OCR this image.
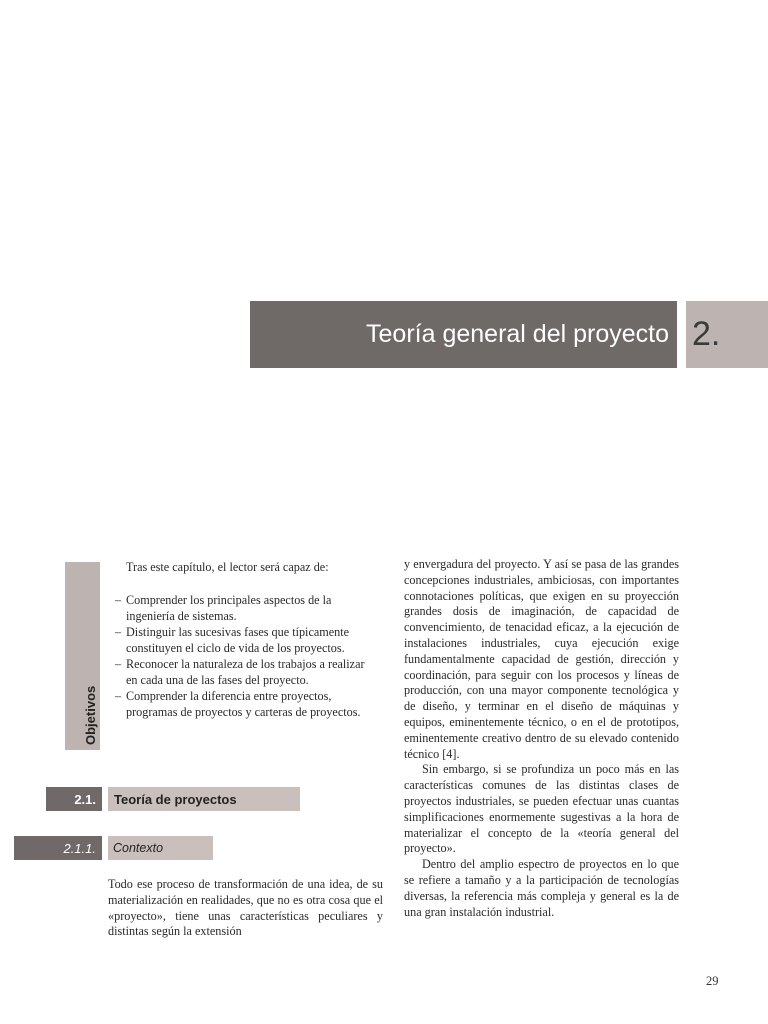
Teoría general del proyecto 2.
Objetivos
Tras este capítulo, el lector será capaz de:
– Comprender los principales aspectos de la ingeniería de sistemas.
– Distinguir las sucesivas fases que típicamente constituyen el ciclo de vida de los proyectos.
– Reconocer la naturaleza de los trabajos a realizar en cada una de las fases del proyecto.
– Comprender la diferencia entre proyectos, programas de proyectos y carteras de proyectos.
2.1.	Teoría de proyectos
2.1.1.	Contexto

Todo ese proceso de transformación de una idea, de su materialización en realidades, que no es otra cosa que el «proyecto», tiene unas características peculiares y distintas según la extensión

y envergadura del proyecto. Y así se pasa de las grandes concepciones industriales, ambiciosas, con importantes connotaciones políticas, que exigen en su proyección grandes dosis de imaginación, de capacidad de convencimiento, de tenacidad eficaz, a la ejecución de instalaciones industriales, cuya ejecución exige fundamentalmente capacidad de gestión, dirección y coordinación, para seguir con los procesos y líneas de producción, con una mayor componente tecnológica y de diseño, y terminar en el diseño de máquinas y equipos, eminentemente técnico, o en el de prototipos, eminentemente creativo dentro de su elevado contenido técnico [4].

Sin embargo, si se profundiza un poco más en las características comunes de las distintas clases de proyectos industriales, se pueden efectuar unas cuantas simplificaciones enormemente sugestivas a la hora de materializar el concepto de la «teoría general del proyecto».

Dentro del amplio espectro de proyectos en lo que se refiere a tamaño y a la participación de tecnologías diversas, la referencia más compleja y general es la de una gran instalación industrial.

29
